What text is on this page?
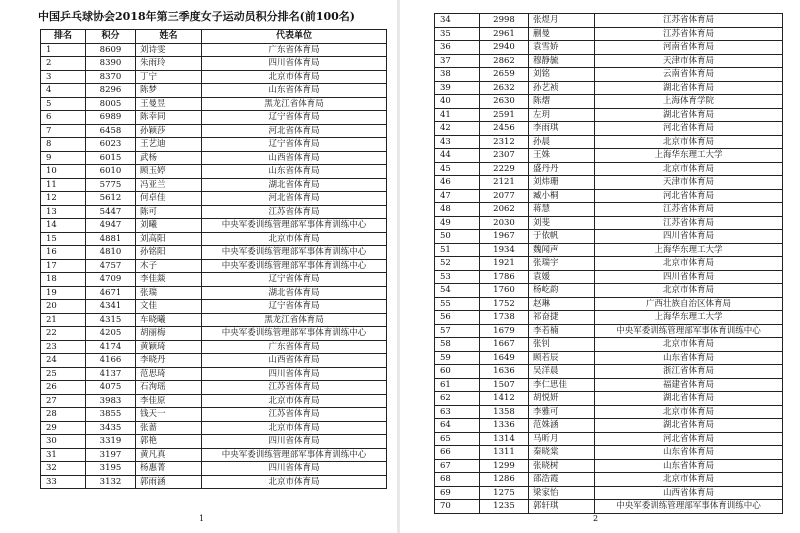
中国乒乓球协会2018年第三季度女子运动员积分排名(前100名)
排名	积分	姓名	代表单位
1	8609	刘诗雯	广东省体育局
2	8390	朱雨玲	四川省体育局
3	8370	丁宁	北京市体育局
4	8296	陈梦	山东省体育局
5	8005	王曼昱	黑龙江省体育局
6	6989	陈幸同	辽宁省体育局
7	6458	孙颖莎	河北省体育局
8	6023	王艺迪	辽宁省体育局
9	6015	武杨	山西省体育局
10	6010	顾玉婷	山东省体育局
11	5775	冯亚兰	湖北省体育局
12	5612	何卓佳	河北省体育局
13	5447	陈可	江苏省体育局
14	4947	刘曦	中央军委训练管理部军事体育训练中心
15	4881	刘高阳	北京市体育局
16	4810	孙铭阳	中央军委训练管理部军事体育训练中心
17	4757	木子	中央军委训练管理部军事体育训练中心
18	4709	李佳燚	辽宁省体育局
19	4671	张瑞	湖北省体育局
20	4341	文佳	辽宁省体育局
21	4315	车晓曦	黑龙江省体育局
22	4205	胡丽梅	中央军委训练管理部军事体育训练中心
23	4174	黄颖琦	广东省体育局
24	4166	李晓丹	山西省体育局
25	4137	范思琦	四川省体育局
26	4075	石洵瑶	江苏省体育局
27	3983	李佳原	北京市体育局
28	3855	钱天一	江苏省体育局
29	3435	张蔷	北京市体育局
30	3319	郭艳	四川省体育局
31	3197	黄凡真	中央军委训练管理部军事体育训练中心
32	3195	杨惠菁	四川省体育局
33	3132	郭雨涵	北京市体育局
1
34	2998	张煜月	江苏省体育局
35	2961	蒯曼	江苏省体育局
36	2940	袁雪娇	河南省体育局
37	2862	穆静毓	天津市体育局
38	2659	刘铭	云南省体育局
39	2632	孙艺祯	湖北省体育局
40	2630	陈熠	上海体育学院
41	2591	左玥	湖北省体育局
42	2456	李雨琪	河北省体育局
43	2312	孙晨	北京市体育局
44	2307	王姝	上海华东理工大学
45	2229	盛丹丹	北京市体育局
46	2121	刘炜珊	天津市体育局
47	2077	臧小桐	河北省体育局
48	2062	蒋慧	江苏省体育局
49	2030	刘斐	江苏省体育局
50	1967	于依帆	四川省体育局
51	1934	魏闻声	上海华东理工大学
52	1921	张瑞宇	北京市体育局
53	1786	袁媛	四川省体育局
54	1760	杨屹韵	北京市体育局
55	1752	赵琳	广西壮族自治区体育局
56	1738	祁奋捷	上海华东理工大学
57	1679	李若楠	中央军委训练管理部军事体育训练中心
58	1667	张钊	北京市体育局
59	1649	顾若辰	山东省体育局
60	1636	吴洋晨	浙江省体育局
61	1507	李仁思佳	福建省体育局
62	1412	胡悦妍	湖北省体育局
63	1358	李雅可	北京市体育局
64	1336	范姝涵	湖北省体育局
65	1314	马昕月	河北省体育局
66	1311	秦晓棠	山东省体育局
67	1299	张晓树	山东省体育局
68	1286	邵浩霞	北京市体育局
69	1275	梁家怡	山西省体育局
70	1235	郭轩琪	中央军委训练管理部军事体育训练中心
2
